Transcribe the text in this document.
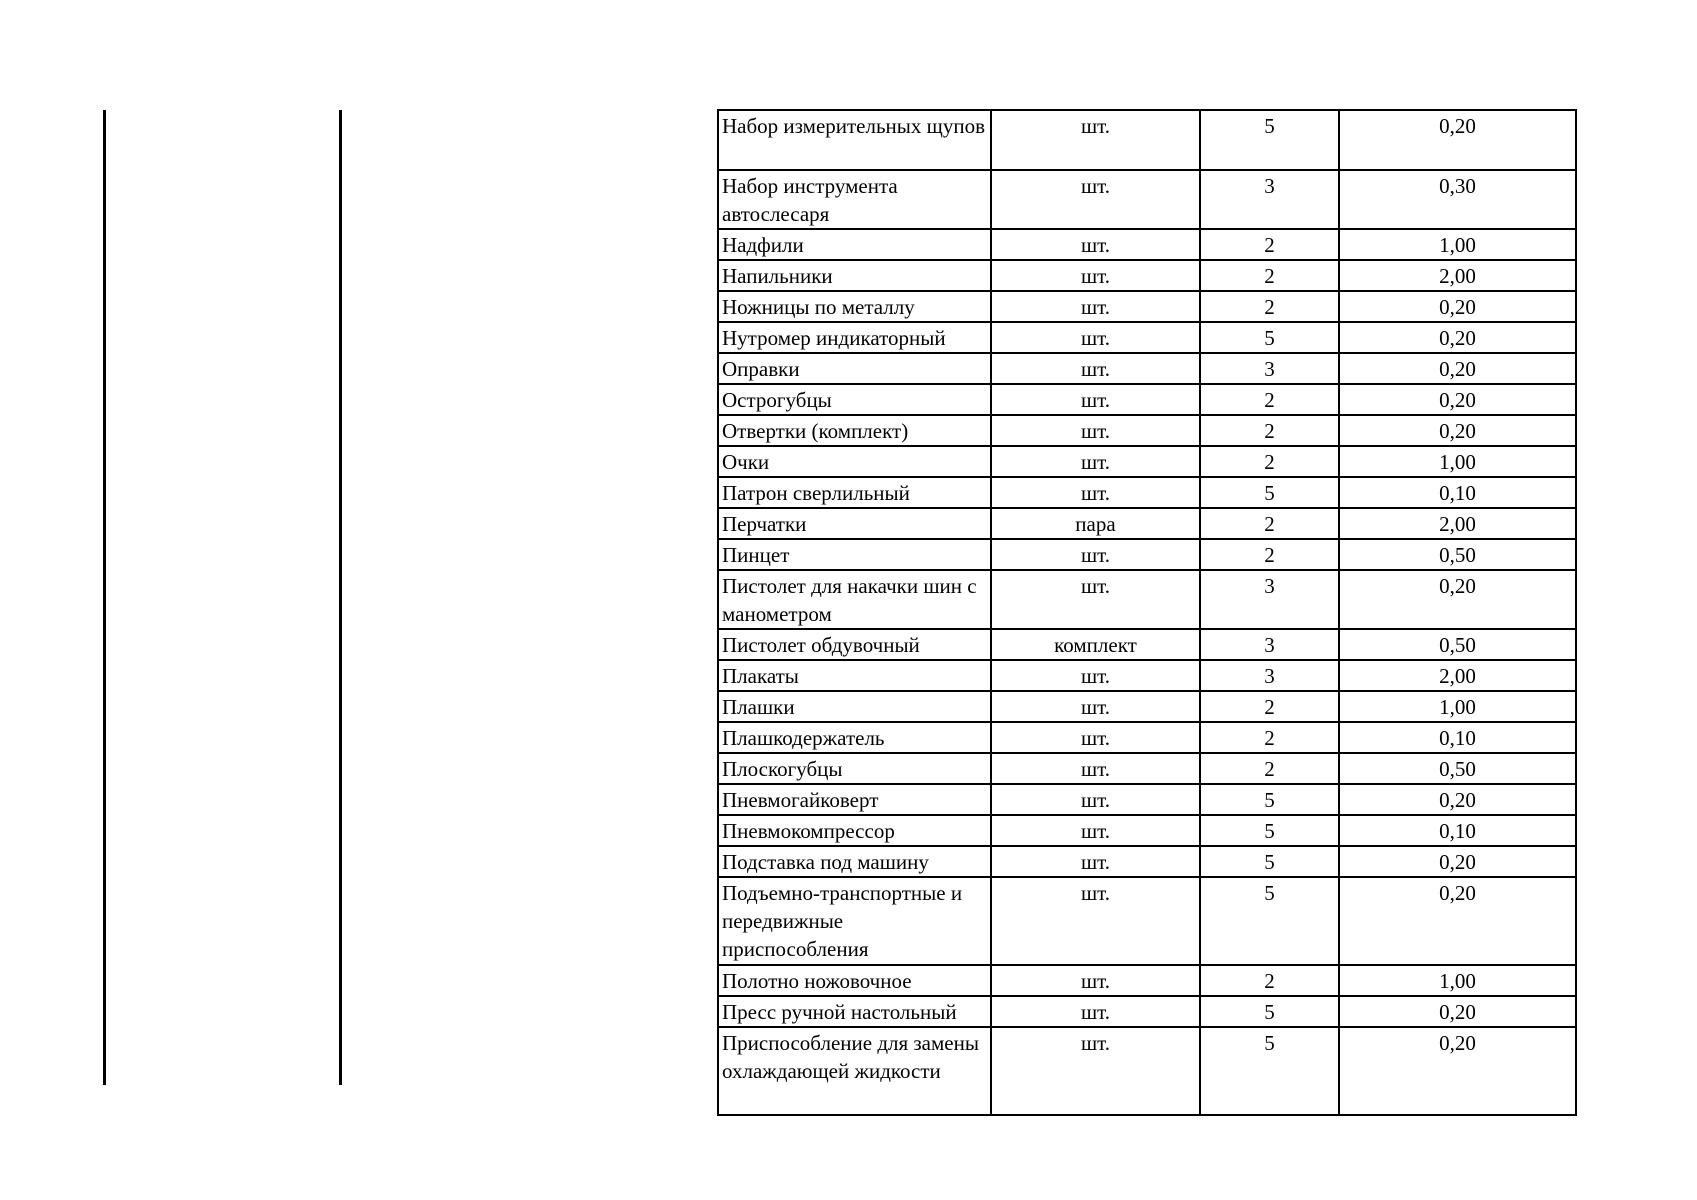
Набор измерительных щупов	шт.	5	0,20
Набор инструмента автослесаря	шт.	3	0,30
Надфили	шт.	2	1,00
Напильники	шт.	2	2,00
Ножницы по металлу	шт.	2	0,20
Нутромер индикаторный	шт.	5	0,20
Оправки	шт.	3	0,20
Острогубцы	шт.	2	0,20
Отвертки (комплект)	шт.	2	0,20
Очки	шт.	2	1,00
Патрон сверлильный	шт.	5	0,10
Перчатки	пара	2	2,00
Пинцет	шт.	2	0,50
Пистолет для накачки шин с манометром	шт.	3	0,20
Пистолет обдувочный	комплект	3	0,50
Плакаты	шт.	3	2,00
Плашки	шт.	2	1,00
Плашкодержатель	шт.	2	0,10
Плоскогубцы	шт.	2	0,50
Пневмогайковерт	шт.	5	0,20
Пневмокомпрессор	шт.	5	0,10
Подставка под машину	шт.	5	0,20
Подъемно-транспортные и передвижные приспособления	шт.	5	0,20
Полотно ножовочное	шт.	2	1,00
Пресс ручной настольный	шт.	5	0,20
Приспособление для замены охлаждающей жидкости	шт.	5	0,20
